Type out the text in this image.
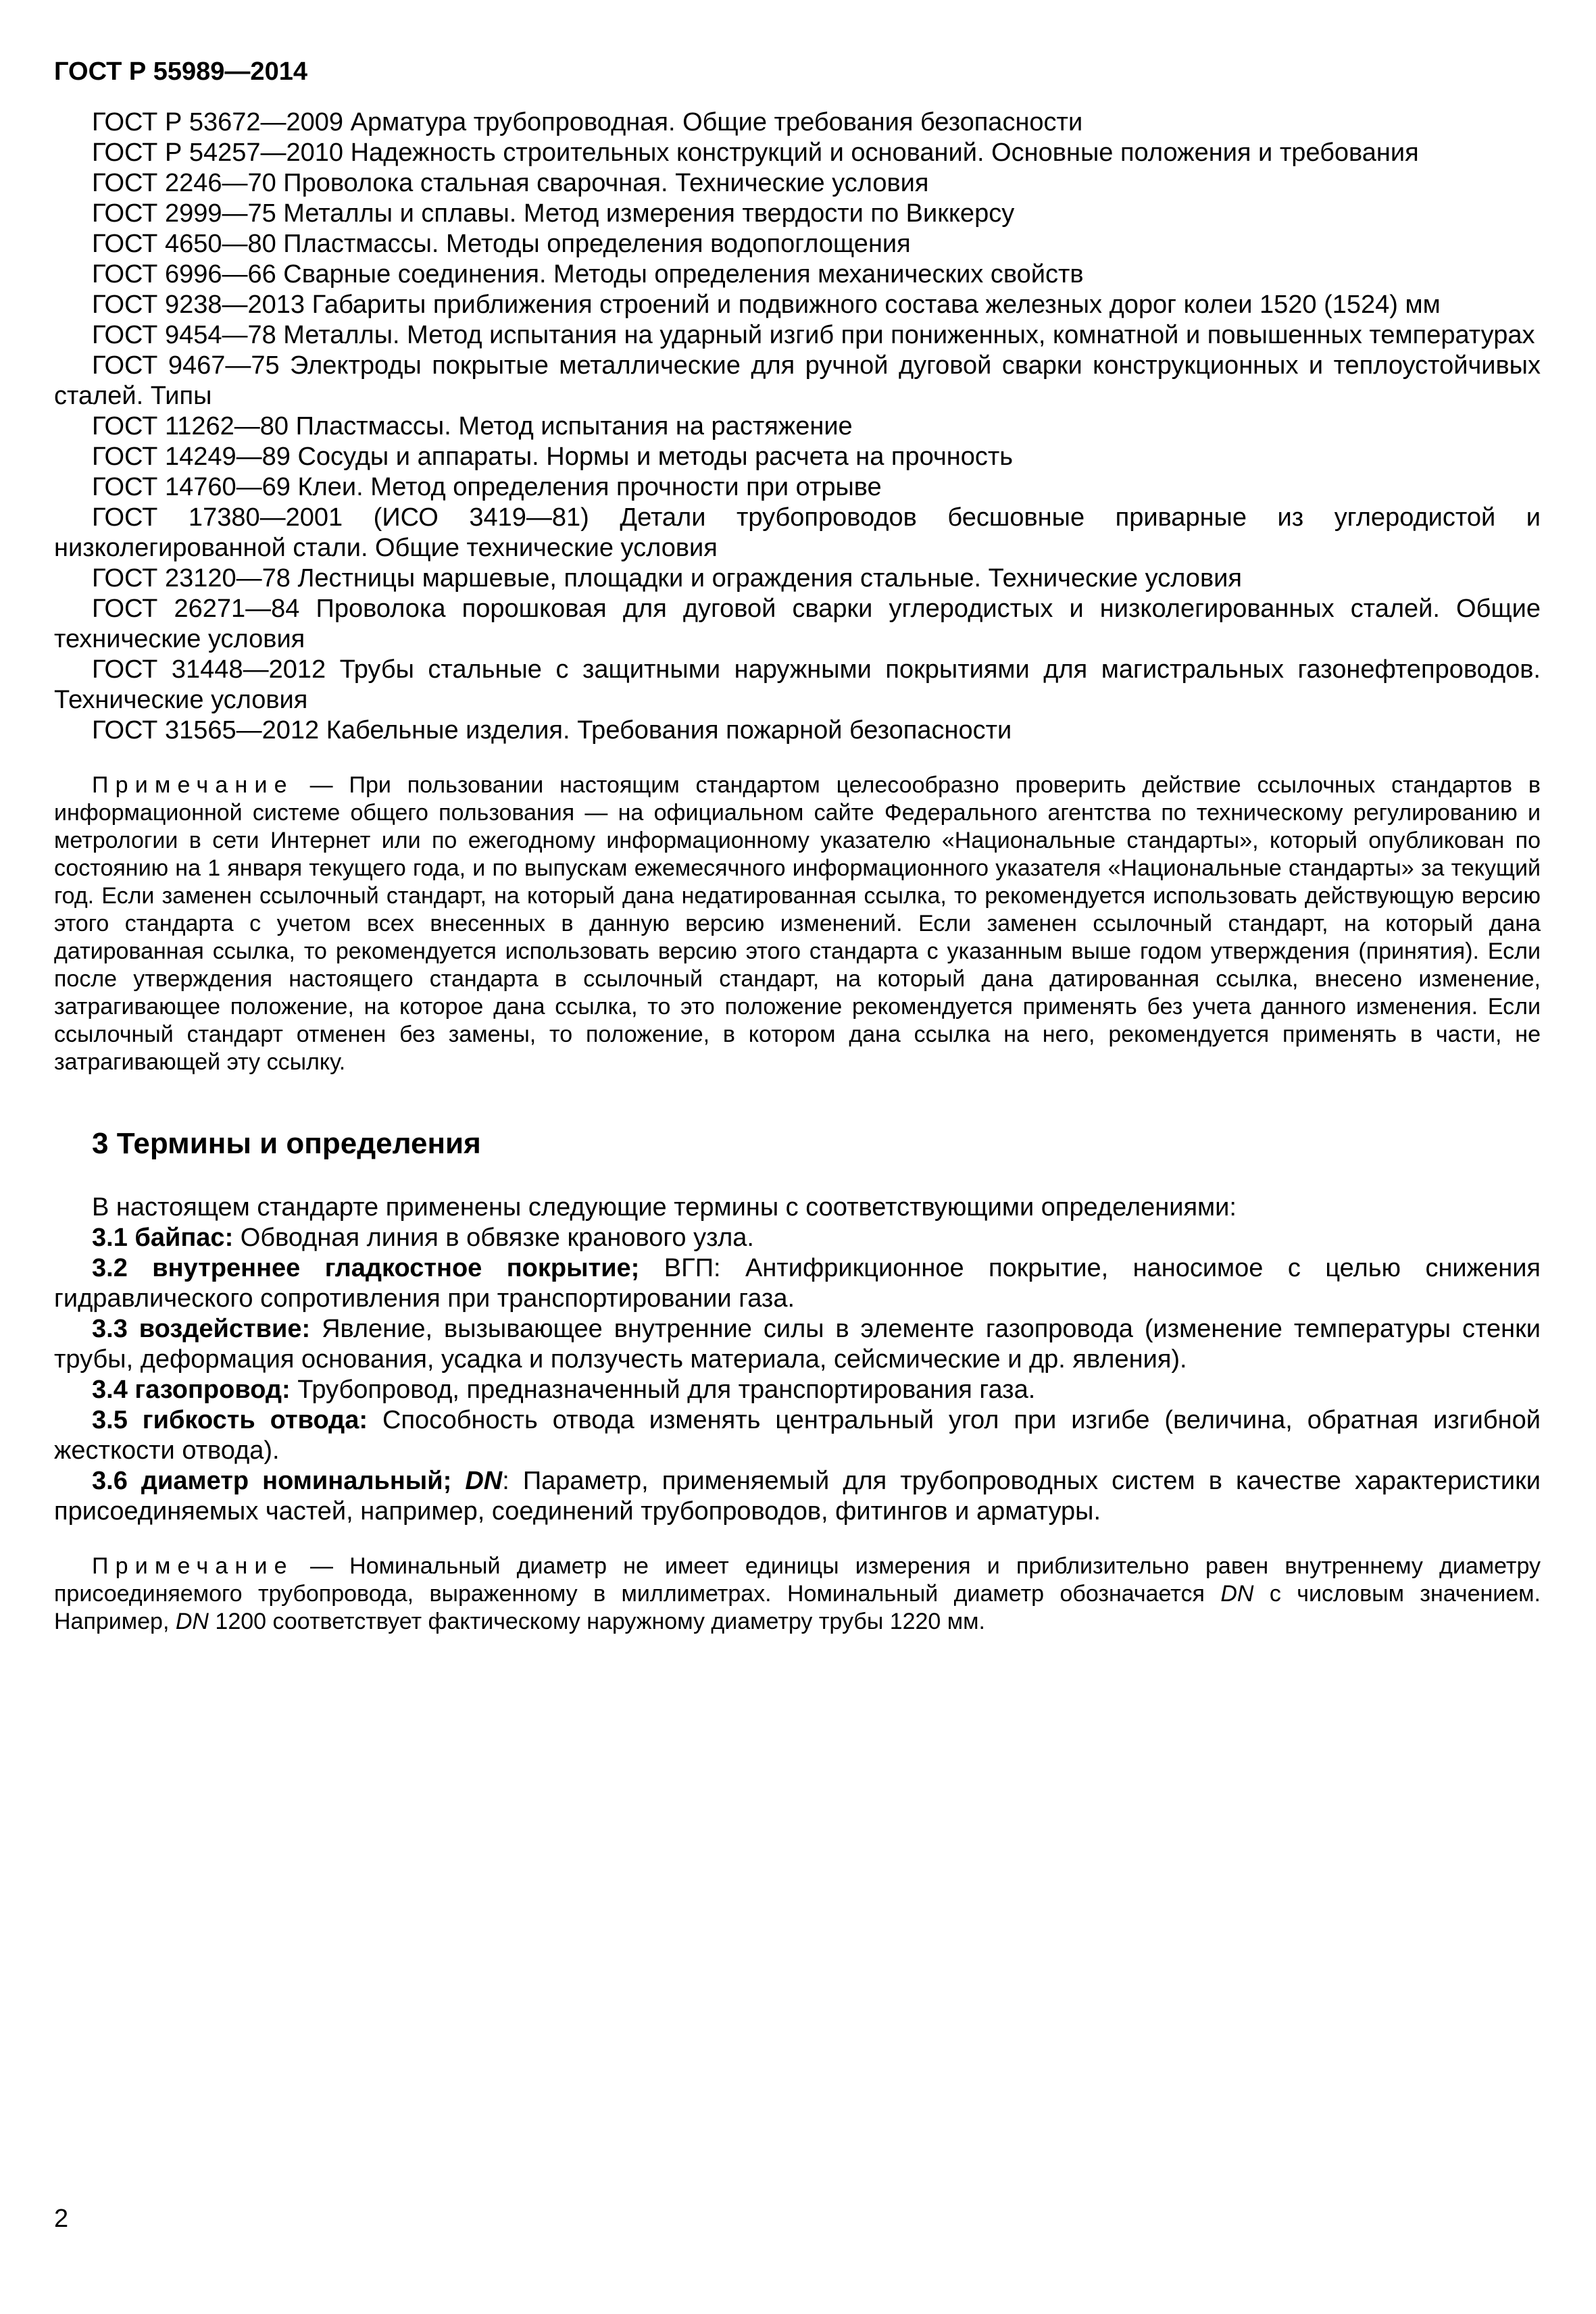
ГОСТ Р 55989—2014

ГОСТ Р 53672—2009 Арматура трубопроводная. Общие требования безопасности

ГОСТ Р 54257—2010 Надежность строительных конструкций и оснований. Основные положения и требования

ГОСТ 2246—70 Проволока стальная сварочная. Технические условия

ГОСТ 2999—75 Металлы и сплавы. Метод измерения твердости по Виккерсу

ГОСТ 4650—80 Пластмассы. Методы определения водопоглощения

ГОСТ 6996—66 Сварные соединения. Методы определения механических свойств

ГОСТ 9238—2013 Габариты приближения строений и подвижного состава железных дорог колеи 1520 (1524) мм

ГОСТ 9454—78 Металлы. Метод испытания на ударный изгиб при пониженных, комнатной и повышенных температурах

ГОСТ 9467—75 Электроды покрытые металлические для ручной дуговой сварки конструкционных и теплоустойчивых сталей. Типы

ГОСТ 11262—80 Пластмассы. Метод испытания на растяжение

ГОСТ 14249—89 Сосуды и аппараты. Нормы и методы расчета на прочность

ГОСТ 14760—69 Клеи. Метод определения прочности при отрыве

ГОСТ 17380—2001 (ИСО 3419—81) Детали трубопроводов бесшовные приварные из углеродистой и низколегированной стали. Общие технические условия

ГОСТ 23120—78 Лестницы маршевые, площадки и ограждения стальные. Технические условия

ГОСТ 26271—84 Проволока порошковая для дуговой сварки углеродистых и низколегированных сталей. Общие технические условия

ГОСТ 31448—2012 Трубы стальные с защитными наружными покрытиями для магистральных газонефтепроводов. Технические условия

ГОСТ 31565—2012 Кабельные изделия. Требования пожарной безопасности

Примечание — При пользовании настоящим стандартом целесообразно проверить действие ссылочных стандартов в информационной системе общего пользования — на официальном сайте Федерального агентства по техническому регулированию и метрологии в сети Интернет или по ежегодному информационному указателю «Национальные стандарты», который опубликован по состоянию на 1 января текущего года, и по выпускам ежемесячного информационного указателя «Национальные стандарты» за текущий год. Если заменен ссылочный стандарт, на который дана недатированная ссылка, то рекомендуется использовать действующую версию этого стандарта с учетом всех внесенных в данную версию изменений. Если заменен ссылочный стандарт, на который дана датированная ссылка, то рекомендуется использовать версию этого стандарта с указанным выше годом утверждения (принятия). Если после утверждения настоящего стандарта в ссылочный стандарт, на который дана датированная ссылка, внесено изменение, затрагивающее положение, на которое дана ссылка, то это положение рекомендуется применять без учета данного изменения. Если ссылочный стандарт отменен без замены, то положение, в котором дана ссылка на него, рекомендуется применять в части, не затрагивающей эту ссылку.
3 Термины и определения

В настоящем стандарте применены следующие термины с соответствующими определениями:

3.1 байпас: Обводная линия в обвязке кранового узла.

3.2 внутреннее гладкостное покрытие; ВГП: Антифрикционное покрытие, наносимое с целью снижения гидравлического сопротивления при транспортировании газа.

3.3 воздействие: Явление, вызывающее внутренние силы в элементе газопровода (изменение температуры стенки трубы, деформация основания, усадка и ползучесть материала, сейсмические и др. явления).

3.4 газопровод: Трубопровод, предназначенный для транспортирования газа.

3.5 гибкость отвода: Способность отвода изменять центральный угол при изгибе (величина, обратная изгибной жесткости отвода).

3.6 диаметр номинальный; DN: Параметр, применяемый для трубопроводных систем в качестве характеристики присоединяемых частей, например, соединений трубопроводов, фитингов и арматуры.

Примечание — Номинальный диаметр не имеет единицы измерения и приблизительно равен внутреннему диаметру присоединяемого трубопровода, выраженному в миллиметрах. Номинальный диаметр обозначается DN с числовым значением. Например, DN 1200 соответствует фактическому наружному диаметру трубы 1220 мм.
2
